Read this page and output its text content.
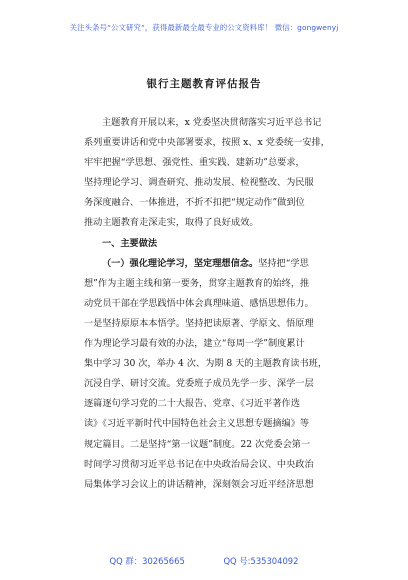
关注头条号“公文研究”，获得最新最全最专业的公文资料库！ 微信：gongwenyj
银行主题教育评估报告
主题教育开展以来，x 党委坚决贯彻落实习近平总书记
系列重要讲话和党中央部署要求，按照 x、x 党委统一安排，
牢牢把握“学思想、强党性、重实践、建新功”总要求，
坚持理论学习、调查研究、推动发展、检视整改、为民服
务深度融合、一体推进，不折不扣把“规定动作”做到位
推动主题教育走深走实，取得了良好成效。
一、主要做法
（一）强化理论学习，坚定理想信念。坚持把“学思
想”作为主题主线和第一要务，贯穿主题教育的始终，推
动党员干部在学思践悟中体会真理味道、感悟思想伟力。
一是坚持原原本本悟学。坚持把读原著、学原文、悟原理
作为理论学习最有效的办法，建立“每周一学”制度累计
集中学习 30 次，举办 4 次、为期 8 天的主题教育读书班，
沉浸自学、研讨交流。党委班子成员先学一步、深学一层
逐篇逐句学习党的二十大报告、党章、《习近平著作选
读》《习近平新时代中国特色社会主义思想专题摘编》等
规定篇目。二是坚持“第一议题”制度。22 次党委会第一
时间学习贯彻习近平总书记在中央政治局会议、中央政治
局集体学习会议上的讲话精神，深刻领会习近平经济思想
QQ 群：30265665	QQ 号:535304092
